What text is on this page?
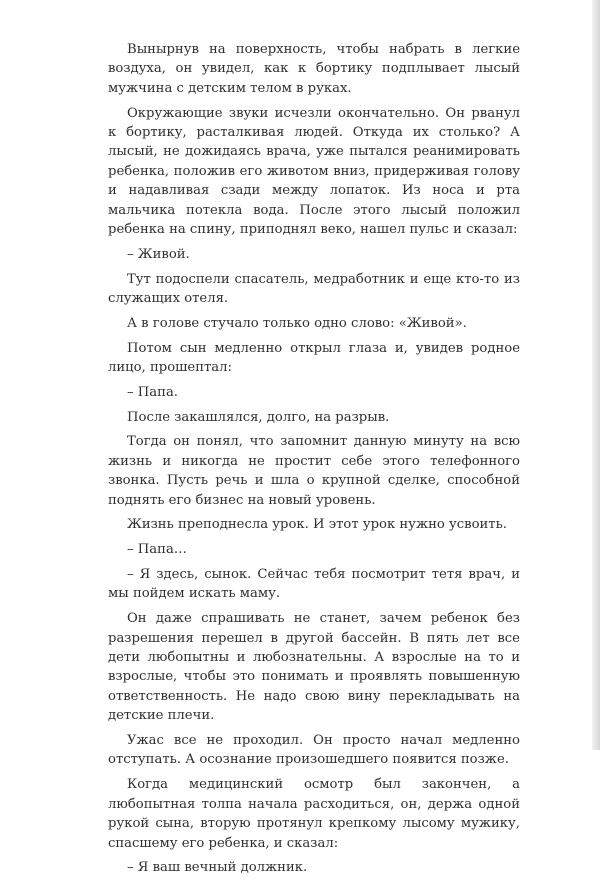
Вынырнув на поверхность, чтобы набрать в легкие воздуха, он увидел, как к бортику подплывает лысый мужчина с детским телом в руках.

Окружающие звуки исчезли окончательно. Он рванул к бортику, расталкивая людей. Откуда их столько? А лысый, не дожидаясь врача, уже пытался реанимировать ребенка, положив его животом вниз, придерживая голову и надавливая сзади между лопаток. Из носа и рта мальчика потекла вода. После этого лысый положил ребенка на спину, приподнял веко, нашел пульс и сказал:

– Живой.

Тут подоспели спасатель, медработник и еще кто-то из служащих отеля.

А в голове стучало только одно слово: «Живой».

Потом сын медленно открыл глаза и, увидев родное лицо, прошептал:

– Папа.

После закашлялся, долго, на разрыв.

Тогда он понял, что запомнит данную минуту на всю жизнь и никогда не простит себе этого телефонного звонка. Пусть речь и шла о крупной сделке, способной поднять его бизнес на новый уровень.

Жизнь преподнесла урок. И этот урок нужно усвоить.

– Папа…

– Я здесь, сынок. Сейчас тебя посмотрит тетя врач, и мы пойдем искать маму.

Он даже спрашивать не станет, зачем ребенок без разрешения перешел в другой бассейн. В пять лет все дети любопытны и любознательны. А взрослые на то и взрослые, чтобы это понимать и проявлять повышенную ответственность. Не надо свою вину перекладывать на детские плечи.

Ужас все не проходил. Он просто начал медленно отступать. А осознание произошедшего появится позже.

Когда медицинский осмотр был закончен, а любопытная толпа начала расходиться, он, держа одной рукой сына, вторую протянул крепкому лысому мужику, спасшему его ребенка, и сказал:

– Я ваш вечный должник.
